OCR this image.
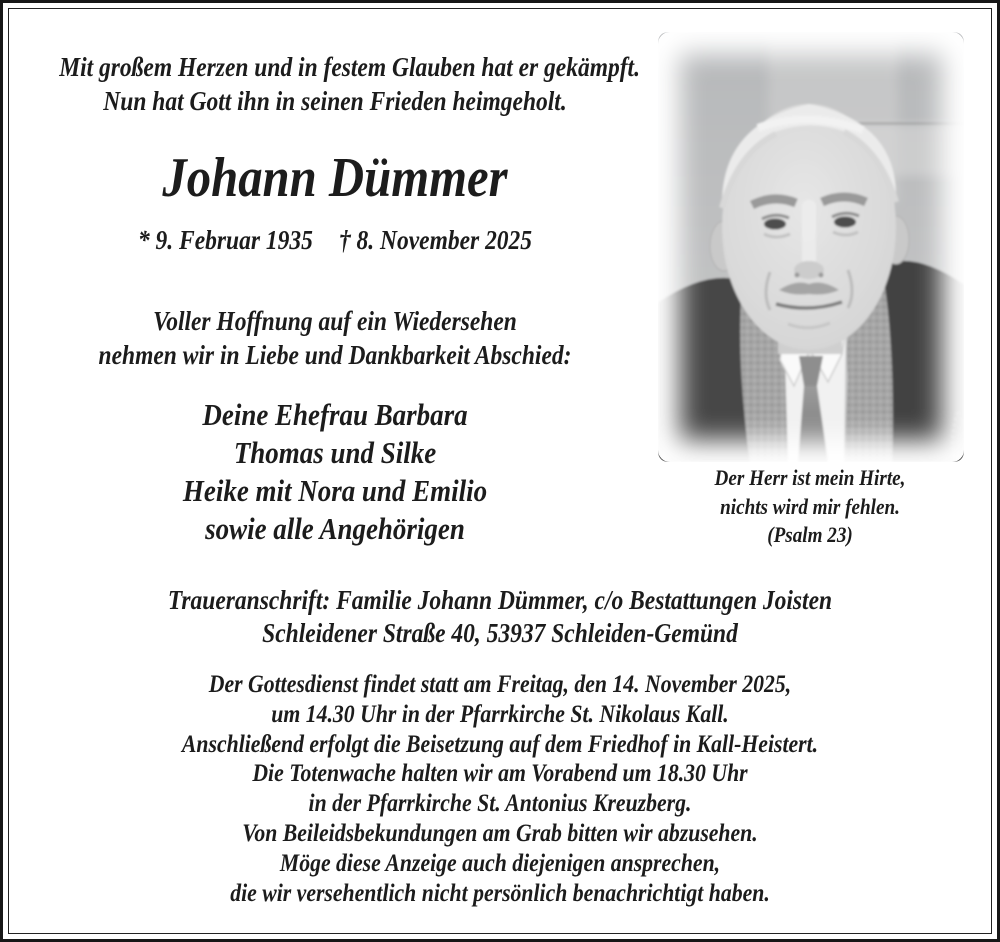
Mit großem Herzen und in festem Glauben hat er gekämpft.
Nun hat Gott ihn in seinen Frieden heimgeholt.
Johann Dümmer
* 9. Februar 1935 † 8. November 2025
Voller Hoffnung auf ein Wiedersehen
nehmen wir in Liebe und Dankbarkeit Abschied:
Deine Ehefrau Barbara
Thomas und Silke
Heike mit Nora und Emilio
sowie alle Angehörigen
Der Herr ist mein Hirte,
nichts wird mir fehlen.
(Psalm 23)
Traueranschrift: Familie Johann Dümmer, c/o Bestattungen Joisten
Schleidener Straße 40, 53937 Schleiden-Gemünd
Der Gottesdienst findet statt am Freitag, den 14. November 2025,
um 14.30 Uhr in der Pfarrkirche St. Nikolaus Kall.
Anschließend erfolgt die Beisetzung auf dem Friedhof in Kall-Heistert.
Die Totenwache halten wir am Vorabend um 18.30 Uhr
in der Pfarrkirche St. Antonius Kreuzberg.
Von Beileidsbekundungen am Grab bitten wir abzusehen.
Möge diese Anzeige auch diejenigen ansprechen,
die wir versehentlich nicht persönlich benachrichtigt haben.
